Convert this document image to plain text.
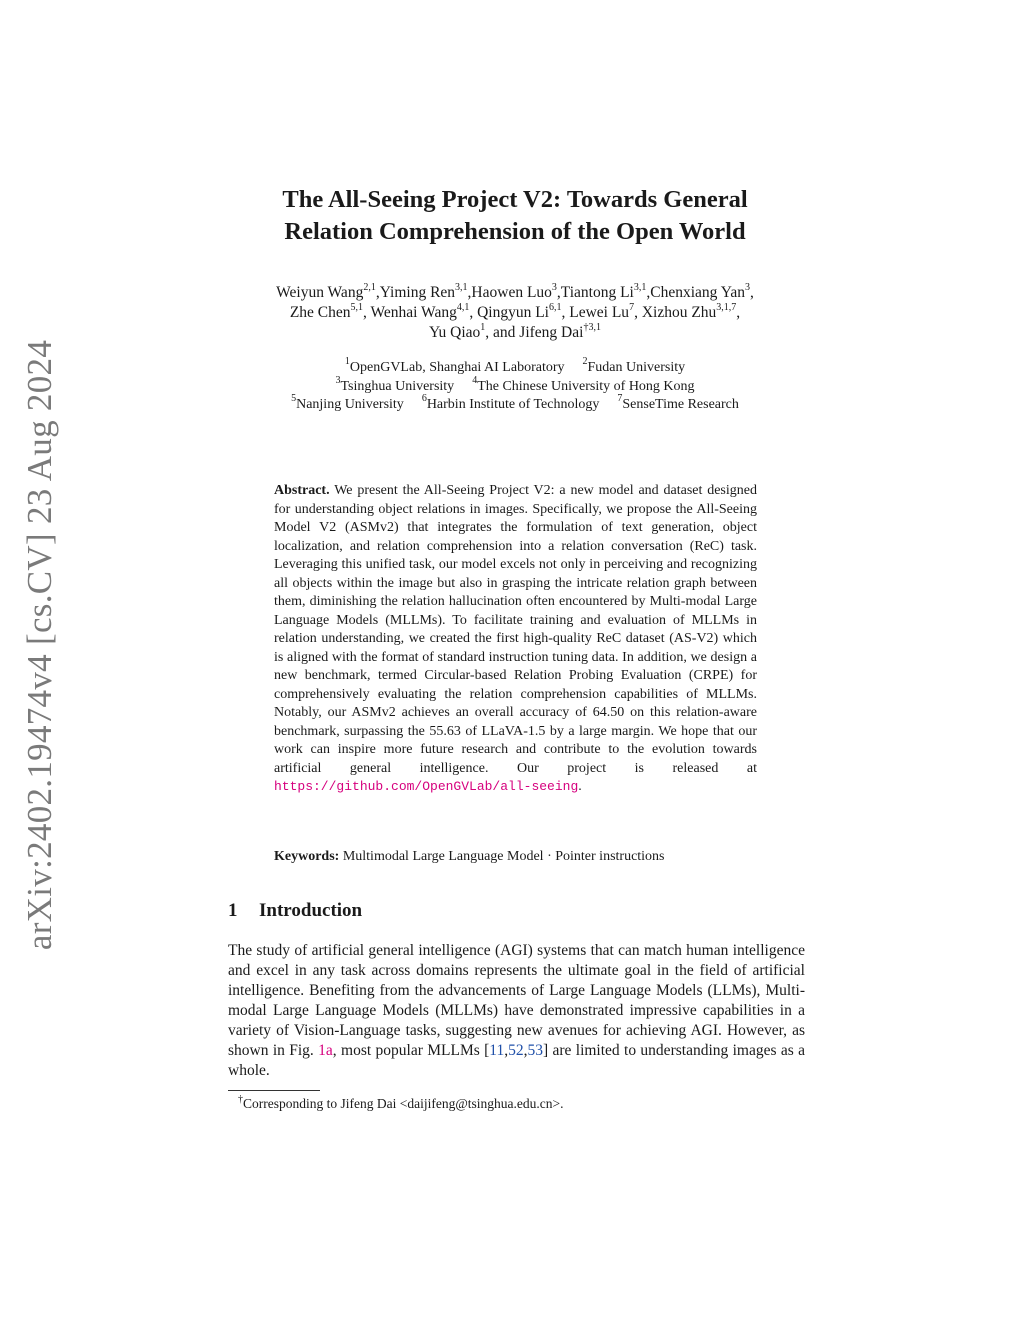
arXiv:2402.19474v4 [cs.CV] 23 Aug 2024
The All-Seeing Project V2: Towards General
Relation Comprehension of the Open World
Weiyun Wang$^{2,1}$,Yiming Ren$^{3,1}$,Haowen Luo$^3$,Tiantong Li$^{3,1}$,Chenxiang Yan$^3$,
Zhe Chen$^{5,1}$, Wenhai Wang$^{4,1}$, Qingyun Li$^{6,1}$, Lewei Lu$^7$, Xizhou Zhu$^{3,1,7}$,
Yu Qiao$^1$, and Jifeng Dai$^{\dagger 3,1}$
$^1$OpenGVLab, Shanghai AI Laboratory $^2$Fudan University
$^3$Tsinghua University $^4$The Chinese University of Hong Kong
$^5$Nanjing University $^6$Harbin Institute of Technology $^7$SenseTime Research
Abstract. We present the All-Seeing Project V2: a new model and dataset designed for understanding object relations in images. Specifically, we propose the All-Seeing Model V2 (ASMv2) that integrates the formulation of text generation, object localization, and relation comprehension into a relation conversation (ReC) task. Leveraging this unified task, our model excels not only in perceiving and recognizing all objects within the image but also in grasping the intricate relation graph between them, diminishing the relation hallucination often encountered by Multi-modal Large Language Models (MLLMs). To facilitate training and evaluation of MLLMs in relation understanding, we created the first high-quality ReC dataset (AS-V2) which is aligned with the format of standard instruction tuning data. In addition, we design a new benchmark, termed Circular-based Relation Probing Evaluation (CRPE) for comprehensively evaluating the relation comprehension capabilities of MLLMs. Notably, our ASMv2 achieves an overall accuracy of 64.50 on this relation-aware benchmark, surpassing the 55.63 of LLaVA-1.5 by a large margin. We hope that our work can inspire more future research and contribute to the evolution towards artificial general intelligence. Our project is released at https://github.com/OpenGVLab/all-seeing.
Keywords: Multimodal Large Language Model · Pointer instructions
1 Introduction
The study of artificial general intelligence (AGI) systems that can match human intelligence and excel in any task across domains represents the ultimate goal in the field of artificial intelligence. Benefiting from the advancements of Large Language Models (LLMs), Multi-modal Large Language Models (MLLMs) have demonstrated impressive capabilities in a variety of Vision-Language tasks, suggesting new avenues for achieving AGI. However, as shown in Fig. 1a, most popular MLLMs [11,52,53] are limited to understanding images as a whole.
†Corresponding to Jifeng Dai <daijifeng@tsinghua.edu.cn>.
